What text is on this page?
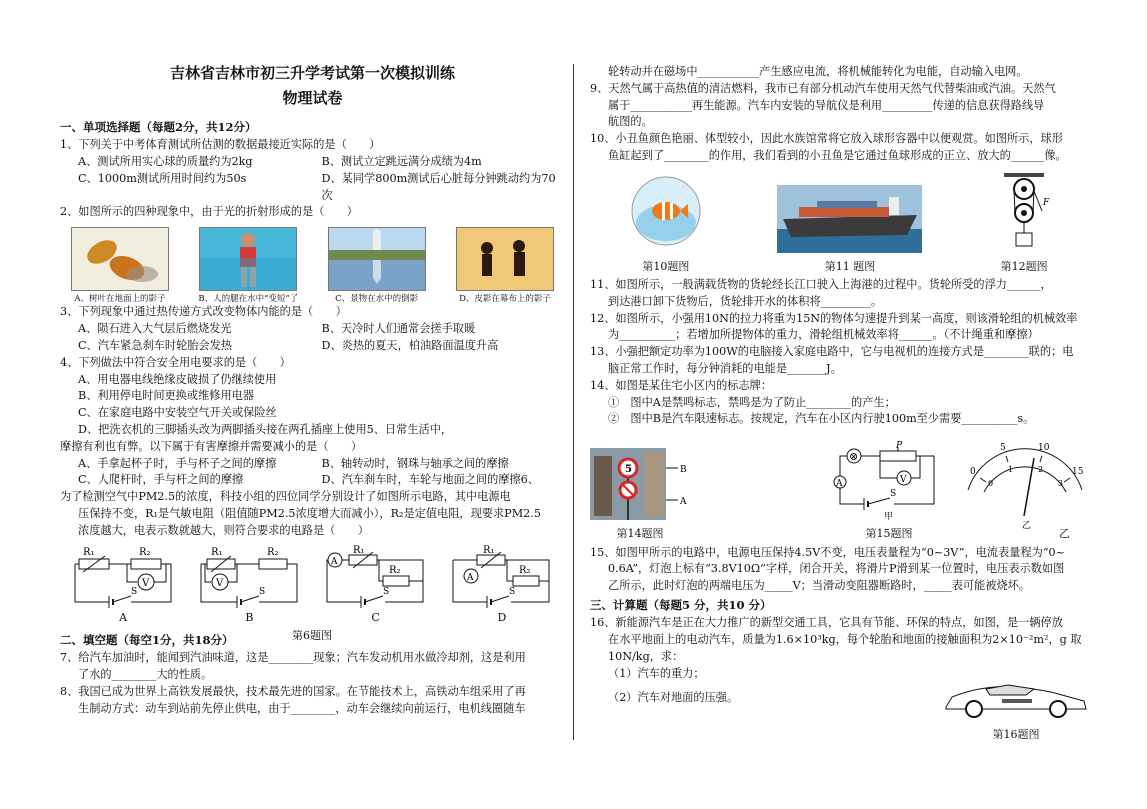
吉林省吉林市初三升学考试第一次模拟训练

物理试卷

一、单项选择题（每题2分，共12分）

1、下列关于中考体育测试所估测的数据最接近实际的是（　　）

A、测试所用实心球的质量约为2kg	B、测试立定跳远满分成绩为4m
C、1000m测试所用时间约为50s	D、某同学800m测试后心脏每分钟跳动约为70次

2、如图所示的四种现象中，由于光的折射形成的是（　　）

A、树叶在地面上的影子	B、人的腿在水中“变短”了	C、景物在水中的倒影	D、皮影在幕布上的影子

3、下列现象中通过热传递方式改变物体内能的是（　　）

A、陨石进入大气层后燃烧发光	B、天冷时人们通常会搓手取暖
C、汽车紧急刹车时轮胎会发热	D、炎热的夏天，柏油路面温度升高

4、下列做法中符合安全用电要求的是（　　）

A、用电器电线绝缘皮破损了仍继续使用

B、利用停电时间更换或维修用电器

C、在家庭电路中安装空气开关或保险丝

D、把洗衣机的三脚插头改为两脚插头接在两孔插座上使用5、日常生活中，

摩擦有利也有弊。以下属于有害摩擦并需要减小的是（　　）

A、手拿起杯子时，手与杯子之间的摩擦	B、轴转动时，钢珠与轴承之间的摩擦
C、人爬杆时，手与杆之间的摩擦	D、汽车刹车时，车轮与地面之间的摩擦6、

为了检测空气中PM2.5的浓度，科技小组的四位同学分别设计了如图所示电路，其中电源电

压保持不变，R₁是气敏电阻（阻值随PM2.5浓度增大而减小），R₂是定值电阻，现要求PM2.5

浓度越大，电表示数就越大，则符合要求的电路是（　　）

R₁	R₂
S
V

A

R₁	R₂
S
V

B

A
R₁
R₂
S

C

R₁
R₂
A
S

D

第6题图

二、填空题（每空1分，共18分）

7、给汽车加油时，能闻到汽油味道，这是________现象；汽车发动机用水做冷却剂，这是利用

了水的________大的性质。

8、我国已成为世界上高铁发展最快，技术最先进的国家。在节能技术上，高铁动车组采用了再

生制动方式：动车到站前先停止供电，由于________，动车会继续向前运行，电机线圈随车

轮转动并在磁场中___________产生感应电流，将机械能转化为电能，自动输入电网。

9、天然气属于高热值的清洁燃料，我市已有部分机动汽车使用天然气代替柴油或汽油。天然气

属于___________再生能源。汽车内安装的导航仪是利用_________传递的信息获得路线导

航图的。

10、小丑鱼颜色艳丽、体型较小，因此水族馆常将它放入球形容器中以便观赏。如图所示，球形

鱼缸起到了________的作用，我们看到的小丑鱼是它通过鱼球形成的正立、放大的______像。

第10题图	第11 题图

F

第12题图

11、如图所示，一般满载货物的货轮经长江口驶入上海港的过程中。货轮所受的浮力______，

到达港口卸下货物后，货轮排开水的体积将_________。

12、如图所示，小强用10N的拉力将重为15N的物体匀速提升到某一高度，则该滑轮组的机械效率

为__________；若增加所提物体的重力，滑轮组机械效率将______。（不计绳重和摩擦）

13、小强把额定功率为100W的电脑接入家庭电路中，它与电视机的连接方式是________联的；电

脑正常工作时，每分钟消耗的电能是_______J。

14、如图是某住宅小区内的标志牌：

①　图中A是禁鸣标志，禁鸣是为了防止________的产生；

②　图中B是汽车限速标志。按规定，汽车在小区内行驶100m至少需要__________s。

5	B
A

第14题图

⊗
P
V
A
S
甲

第15题图

0
5	10
15
0
1	2
3
乙

乙

15、如图甲所示的电路中，电源电压保持4.5V不变，电压表量程为“0~3V”，电流表量程为“0~

0.6A”，灯泡上标有“3.8V10Ω”字样，闭合开关，将滑片P滑到某一位置时，电压表示数如图

乙所示，此时灯泡的两端电压为_____V；当滑动变阻器断路时，_____表可能被烧坏。

三、计算题（每题5 分，共10 分）

16、新能源汽车是正在大力推广的新型交通工具，它具有节能、环保的特点，如图，是一辆停放

在水平地面上的电动汽车，质量为1.6×10³kg，每个轮胎和地面的接触面积为2×10⁻²m²，g 取

10N/kg，求：

（1）汽车的重力；

（2）汽车对地面的压强。

第16题图
